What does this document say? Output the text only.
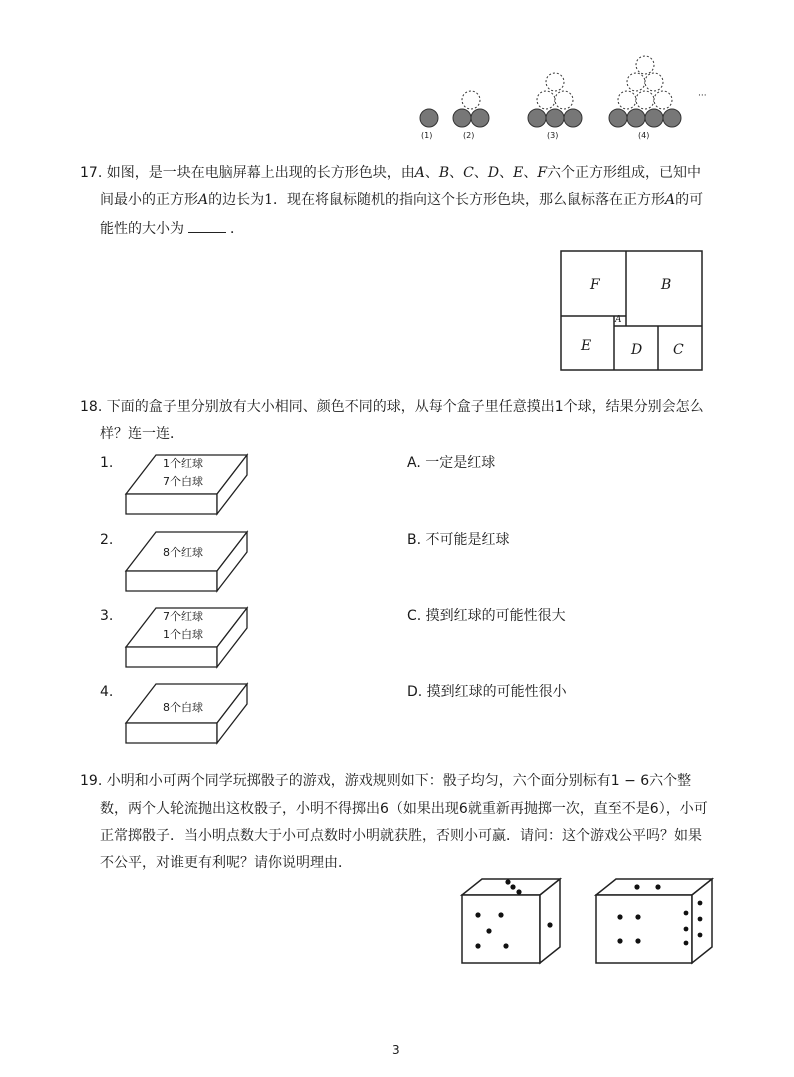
(1)	(2)	(3)	(4)
···
17. 如图，是一块在电脑屏幕上出现的长方形色块，由A、B、C、D、E、F六个正方形组成，已知中
间最小的正方形A的边长为1．现在将鼠标随机的指向这个长方形色块，那么鼠标落在正方形A的可
能性的大小为	．
F	B
A
E	D C
18. 下面的盒子里分别放有大小相同、颜色不同的球，从每个盒子里任意摸出1个球，结果分别会怎么
样？连一连．
1.	1个红球
7个白球
2.
8个红球
3.	7个红球
1个白球
4.
8个白球
A. 一定是红球
B. 不可能是红球
C. 摸到红球的可能性很大
D. 摸到红球的可能性很小
19. 小明和小可两个同学玩掷骰子的游戏，游戏规则如下：骰子均匀，六个面分别标有1 − 6六个整
数，两个人轮流抛出这枚骰子，小明不得掷出6（如果出现6就重新再抛掷一次，直至不是6），小可
正常掷骰子．当小明点数大于小可点数时小明就获胜，否则小可赢．请问：这个游戏公平吗？如果
不公平，对谁更有利呢？请你说明理由．
3
